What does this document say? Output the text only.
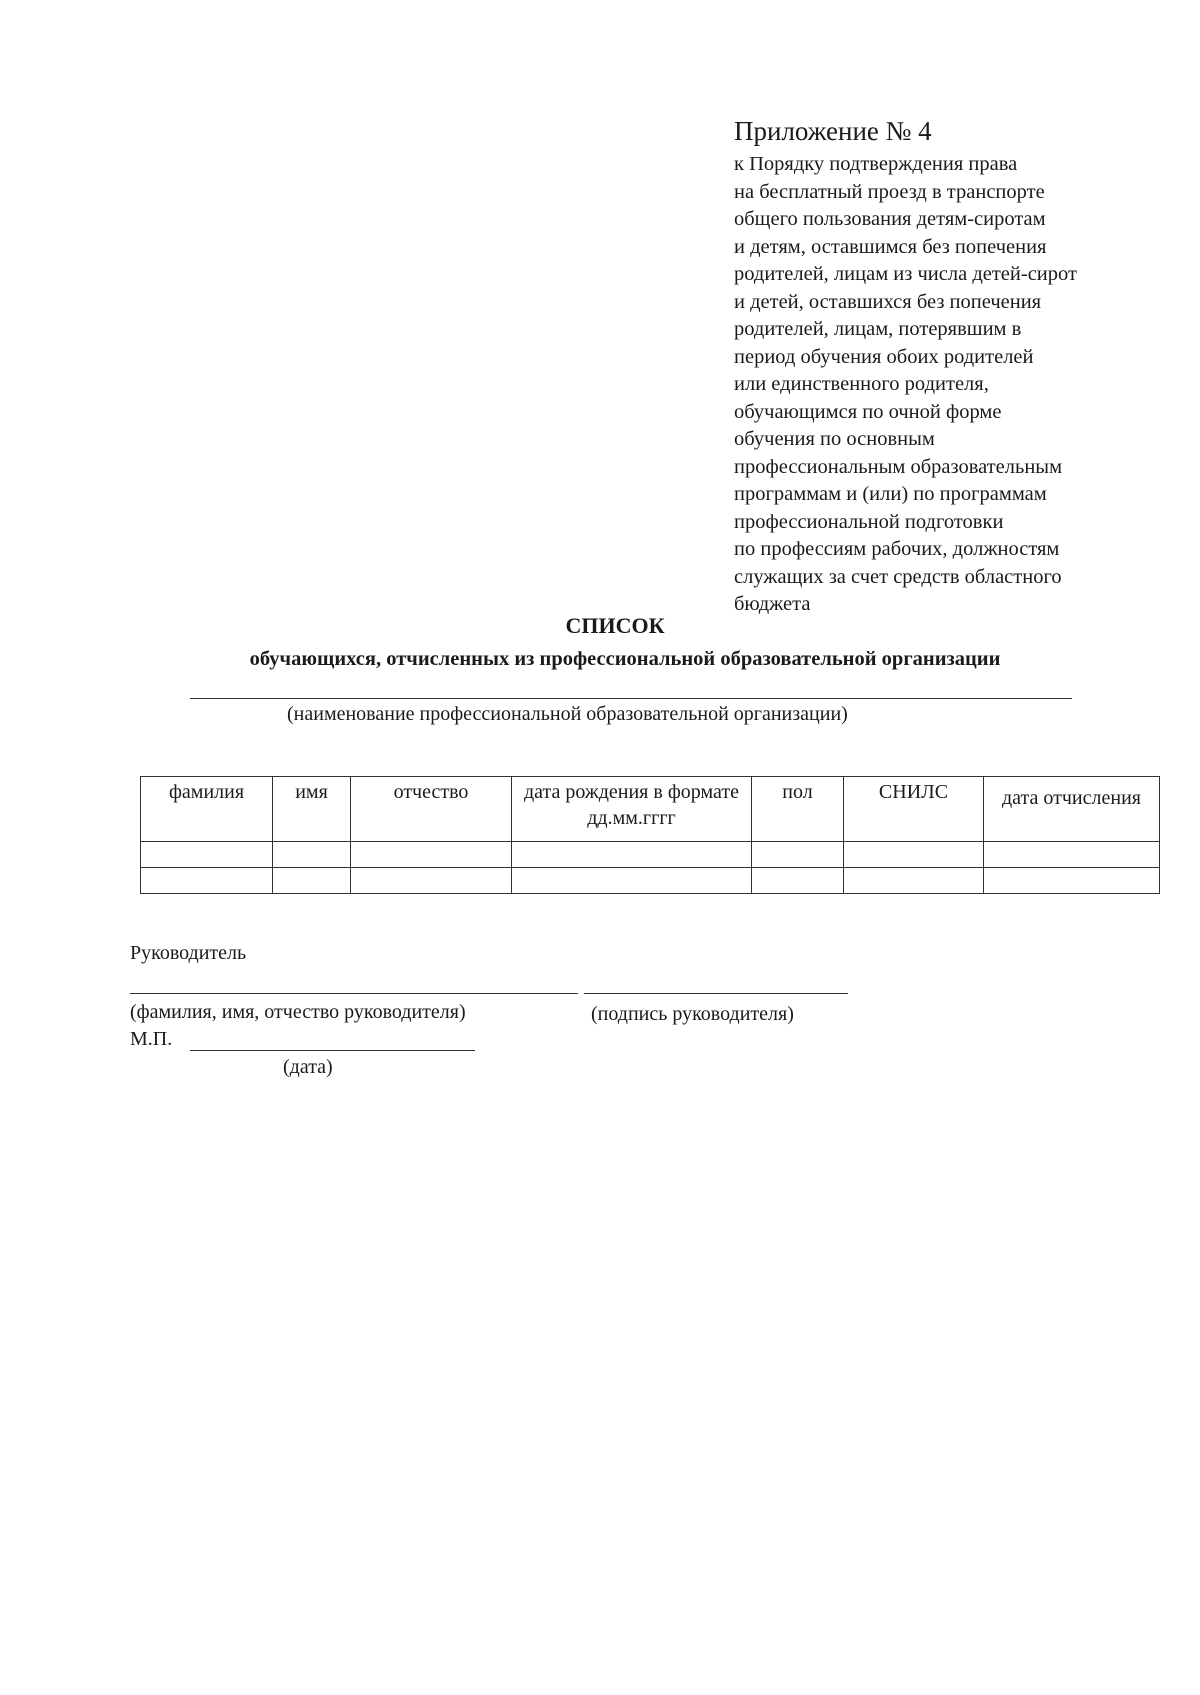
Приложение № 4
к Порядку подтверждения права
на бесплатный проезд в транспорте
общего пользования детям-сиротам
и детям, оставшимся без попечения
родителей, лицам из числа детей-сирот
и детей, оставшихся без попечения
родителей, лицам, потерявшим в
период обучения обоих родителей
или единственного родителя,
обучающимся по очной форме
обучения по основным
профессиональным образовательным
программам и (или) по программам
профессиональной подготовки
по профессиям рабочих, должностям
служащих за счет средств областного
бюджета
СПИСОК
обучающихся, отчисленных из профессиональной образовательной организации
(наименование профессиональной образовательной организации)
фамилия	имя	отчество	дата рождения в формате дд.мм.гггг	пол	СНИЛС	дата отчисления

Руководитель
(фамилия, имя, отчество руководителя)	(подпись руководителя)
М.П.
(дата)
